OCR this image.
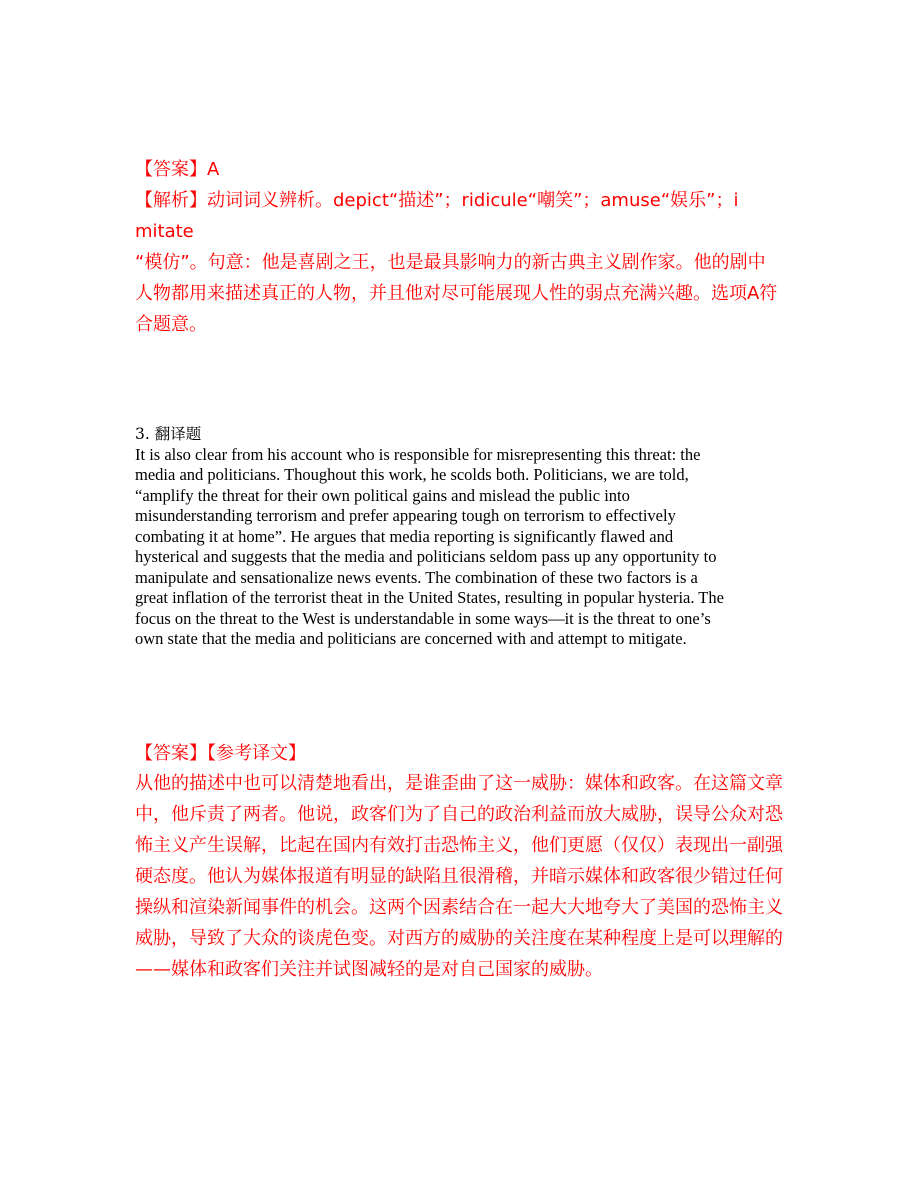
【答案】A
【解析】动词词义辨析。depict“描述”；ridicule“嘲笑”；amuse“娱乐”；i
mitate
“模仿”。句意：他是喜剧之王，也是最具影响力的新古典主义剧作家。他的剧中
人物都用来描述真正的人物，并且他对尽可能展现人性的弱点充满兴趣。选项A符
合题意。
3. 翻译题
It is also clear from his account who is responsible for misrepresenting this threat: the
media and politicians. Thoughout this work, he scolds both. Politicians, we are told,
“amplify the threat for their own political gains and mislead the public into
misunderstanding terrorism and prefer appearing tough on terrorism to effectively
combating it at home”. He argues that media reporting is significantly flawed and
hysterical and suggests that the media and politicians seldom pass up any opportunity to
manipulate and sensationalize news events. The combination of these two factors is a
great inflation of the terrorist theat in the United States, resulting in popular hysteria. The
focus on the threat to the West is understandable in some ways—it is the threat to one’s
own state that the media and politicians are concerned with and attempt to mitigate.
【答案】【参考译文】
从他的描述中也可以清楚地看出，是谁歪曲了这一威胁：媒体和政客。在这篇文章
中，他斥责了两者。他说，政客们为了自己的政治利益而放大威胁，误导公众对恐
怖主义产生误解，比起在国内有效打击恐怖主义，他们更愿（仅仅）表现出一副强
硬态度。他认为媒体报道有明显的缺陷且很滑稽，并暗示媒体和政客很少错过任何
操纵和渲染新闻事件的机会。这两个因素结合在一起大大地夸大了美国的恐怖主义
威胁，导致了大众的谈虎色变。对西方的威胁的关注度在某种程度上是可以理解的
——媒体和政客们关注并试图减轻的是对自己国家的威胁。
